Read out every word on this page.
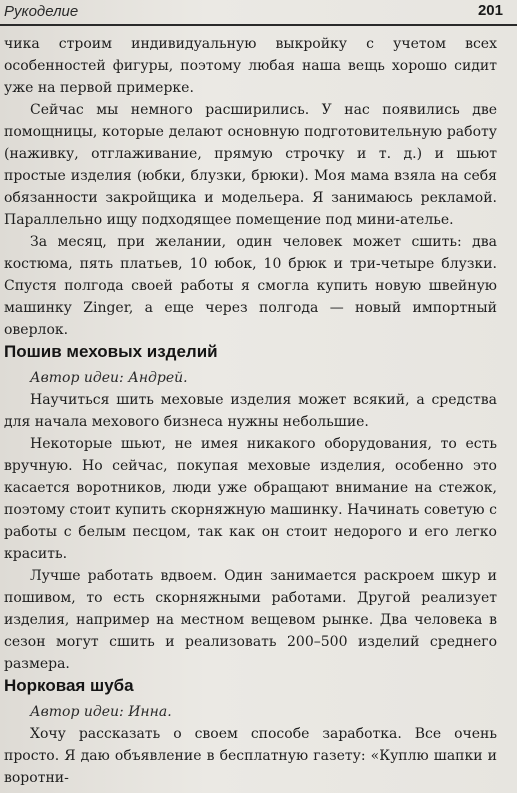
Рукоделие	201

чика строим индивидуальную выкройку с учетом всех особенностей фигуры, поэтому любая наша вещь хорошо сидит уже на первой примерке.

Сейчас мы немного расширились. У нас появились две помощницы, которые делают основную подготовительную работу (наживку, отглаживание, прямую строчку и т. д.) и шьют простые изделия (юбки, блузки, брюки). Моя мама взяла на себя обязанности закройщика и модельера. Я занимаюсь рекламой. Параллельно ищу подходящее помещение под мини-ательe.

За месяц, при желании, один человек может сшить: два костюма, пять платьев, 10 юбок, 10 брюк и три-четыре блузки. Спустя полгода своей работы я смогла купить новую швейную машинку Zinger, а еще через полгода — новый импортный оверлок.

Пошив меховых изделий

Автор идеи: Андрей.

Научиться шить меховые изделия может всякий, а средства для начала мехового бизнеса нужны небольшие.

Некоторые шьют, не имея никакого оборудования, то есть вручную. Но сейчас, покупая меховые изделия, особенно это касается воротников, люди уже обращают внимание на стежок, поэтому стоит купить скорняжную машинку. Начинать советую с работы с белым песцом, так как он стоит недорого и его легко красить.

Лучше работать вдвоем. Один занимается раскроем шкур и пошивом, то есть скорняжными работами. Другой реализует изделия, например на местном вещевом рынке. Два человека в сезон могут сшить и реализовать 200–500 изделий среднего размера.

Норковая шуба

Автор идеи: Инна.

Хочу рассказать о своем способе заработка. Все очень просто. Я даю объявление в бесплатную газету: «Куплю шапки и воротни-
